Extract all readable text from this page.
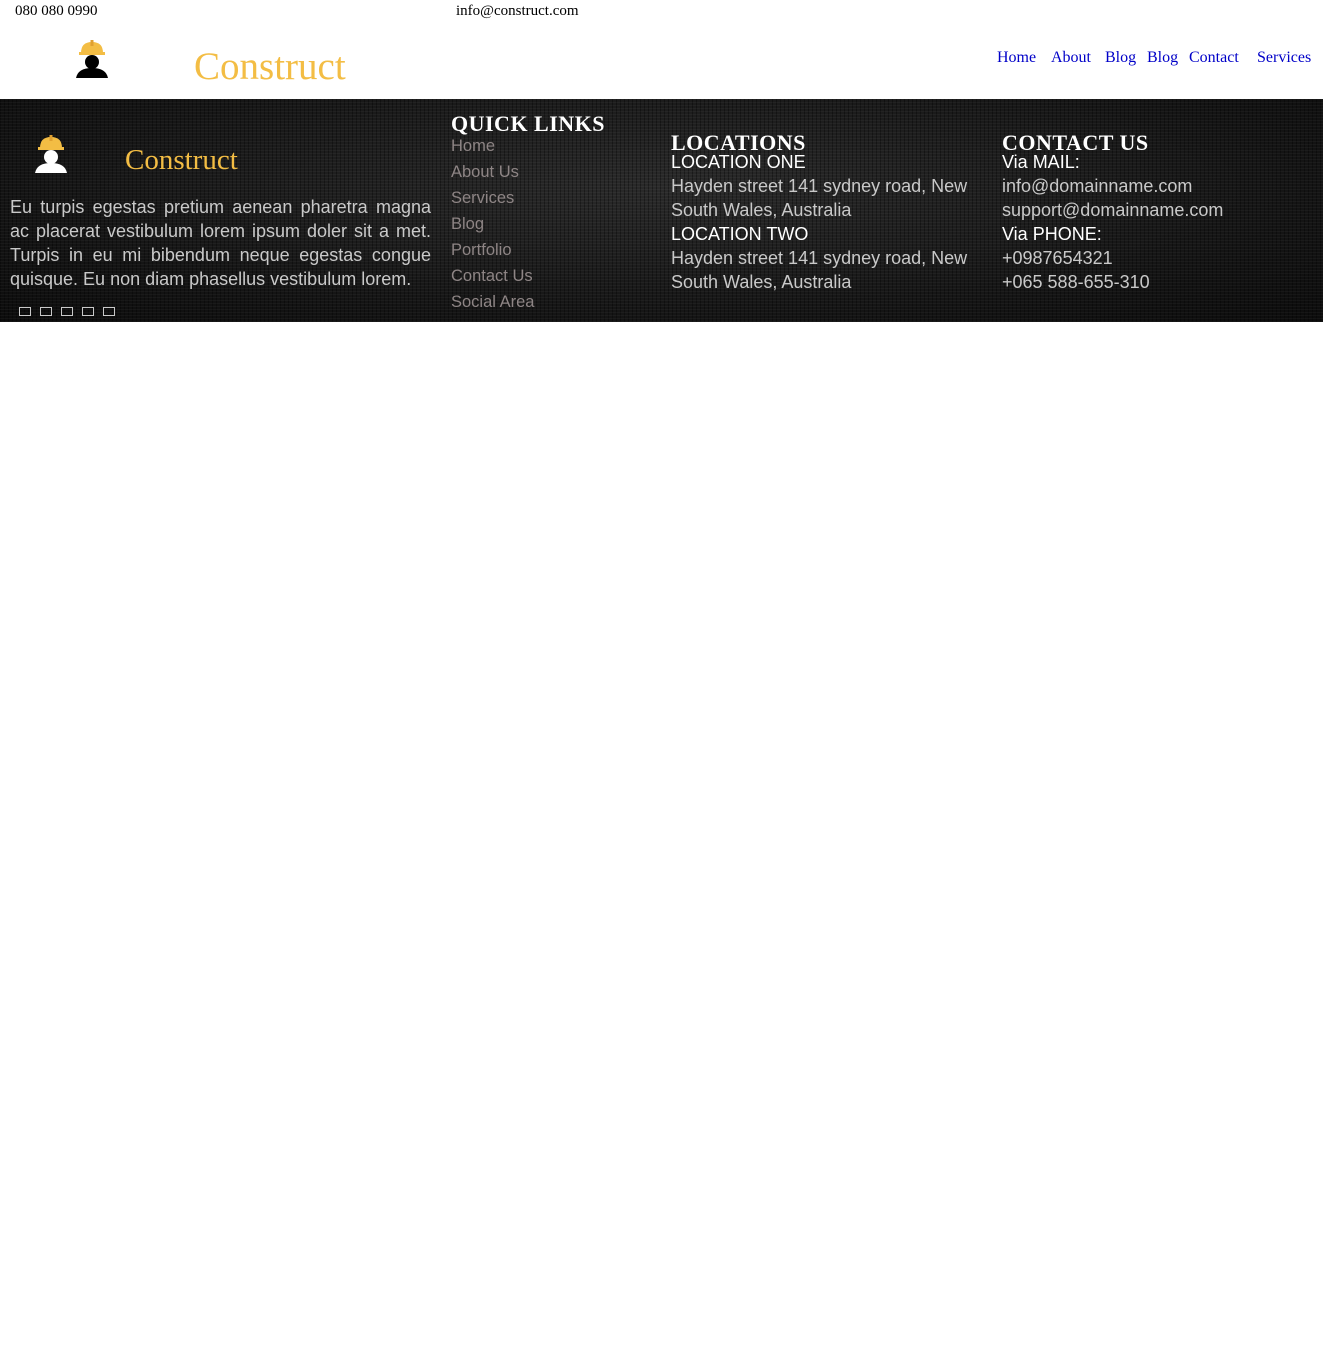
080 080 0990	info@construct.com
Construct	Home About Blog Blog Contact Services
Construct

Eu turpis egestas pretium aenean pharetra magna ac placerat vestibulum lorem ipsum doler sit a met. Turpis in eu mi bibendum neque egestas congue quisque. Eu non diam phasellus vestibulum lorem.

QUICK LINKS
Home
About Us
Services
Blog
Portfolio
Contact Us
Social Area
LOCATIONS
LOCATION ONE
Hayden street 141 sydney road, New South Wales, Australia
LOCATION TWO
Hayden street 141 sydney road, New South Wales, Australia
CONTACT US
Via MAIL:
info@domainname.com
support@domainname.com
Via PHONE:
+0987654321
+065 588-655-310
